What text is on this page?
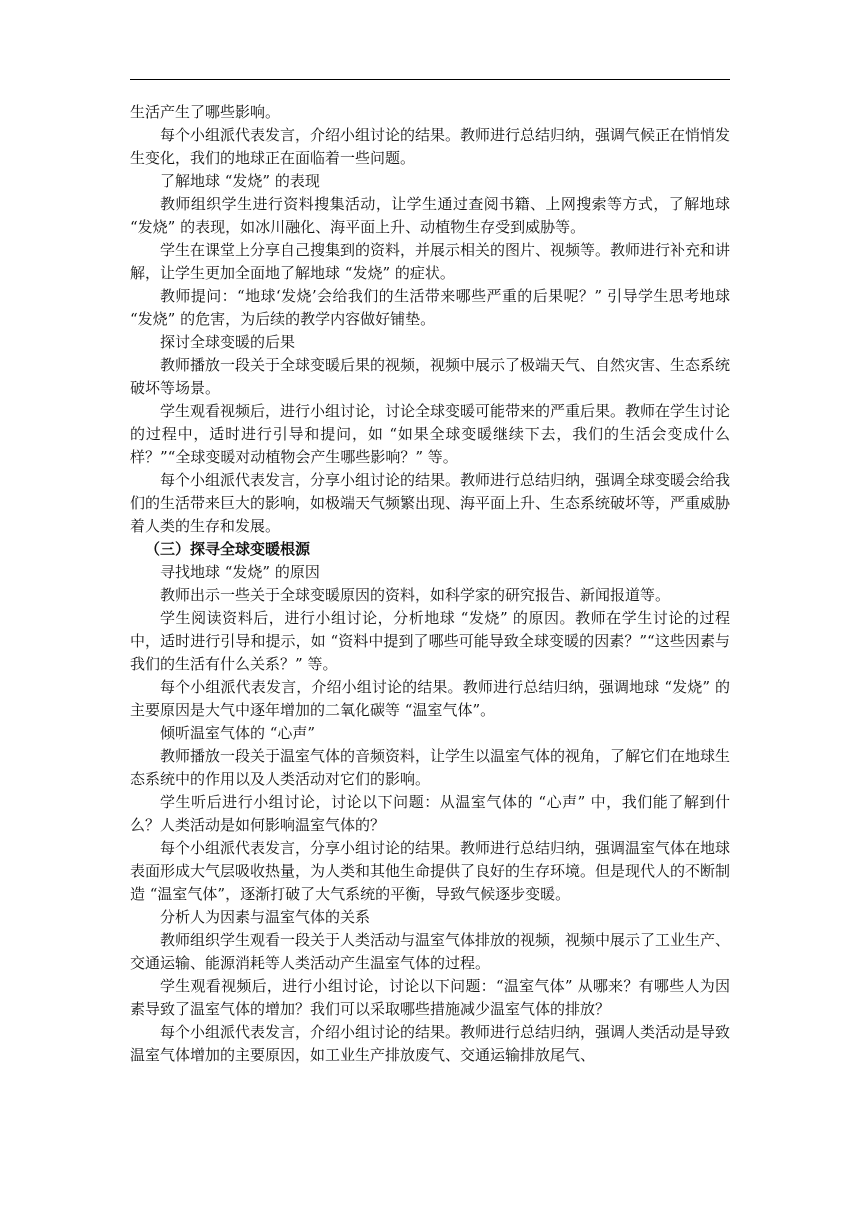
生活产生了哪些影响。

每个小组派代表发言，介绍小组讨论的结果。教师进行总结归纳，强调气候正在悄悄发生变化，我们的地球正在面临着一些问题。

了解地球 “发烧” 的表现

教师组织学生进行资料搜集活动，让学生通过查阅书籍、上网搜索等方式，了解地球 “发烧” 的表现，如冰川融化、海平面上升、动植物生存受到威胁等。

学生在课堂上分享自己搜集到的资料，并展示相关的图片、视频等。教师进行补充和讲解，让学生更加全面地了解地球 “发烧” 的症状。

教师提问：“地球‘发烧’会给我们的生活带来哪些严重的后果呢？” 引导学生思考地球 “发烧” 的危害，为后续的教学内容做好铺垫。

探讨全球变暖的后果

教师播放一段关于全球变暖后果的视频，视频中展示了极端天气、自然灾害、生态系统破坏等场景。

学生观看视频后，进行小组讨论，讨论全球变暖可能带来的严重后果。教师在学生讨论的过程中，适时进行引导和提问，如 “如果全球变暖继续下去，我们的生活会变成什么样？”“全球变暖对动植物会产生哪些影响？” 等。

每个小组派代表发言，分享小组讨论的结果。教师进行总结归纳，强调全球变暖会给我们的生活带来巨大的影响，如极端天气频繁出现、海平面上升、生态系统破坏等，严重威胁着人类的生存和发展。

（三）探寻全球变暖根源

寻找地球 “发烧” 的原因

教师出示一些关于全球变暖原因的资料，如科学家的研究报告、新闻报道等。

学生阅读资料后，进行小组讨论，分析地球 “发烧” 的原因。教师在学生讨论的过程中，适时进行引导和提示，如 “资料中提到了哪些可能导致全球变暖的因素？”“这些因素与我们的生活有什么关系？” 等。

每个小组派代表发言，介绍小组讨论的结果。教师进行总结归纳，强调地球 “发烧” 的主要原因是大气中逐年增加的二氧化碳等 “温室气体”。

倾听温室气体的 “心声”

教师播放一段关于温室气体的音频资料，让学生以温室气体的视角，了解它们在地球生态系统中的作用以及人类活动对它们的影响。

学生听后进行小组讨论，讨论以下问题：从温室气体的 “心声” 中，我们能了解到什么？人类活动是如何影响温室气体的？

每个小组派代表发言，分享小组讨论的结果。教师进行总结归纳，强调温室气体在地球表面形成大气层吸收热量，为人类和其他生命提供了良好的生存环境。但是现代人的不断制造 “温室气体”，逐渐打破了大气系统的平衡，导致气候逐步变暖。

分析人为因素与温室气体的关系

教师组织学生观看一段关于人类活动与温室气体排放的视频，视频中展示了工业生产、交通运输、能源消耗等人类活动产生温室气体的过程。

学生观看视频后，进行小组讨论，讨论以下问题：“温室气体” 从哪来？有哪些人为因素导致了温室气体的增加？我们可以采取哪些措施减少温室气体的排放？

每个小组派代表发言，介绍小组讨论的结果。教师进行总结归纳，强调人类活动是导致温室气体增加的主要原因，如工业生产排放废气、交通运输排放尾气、
